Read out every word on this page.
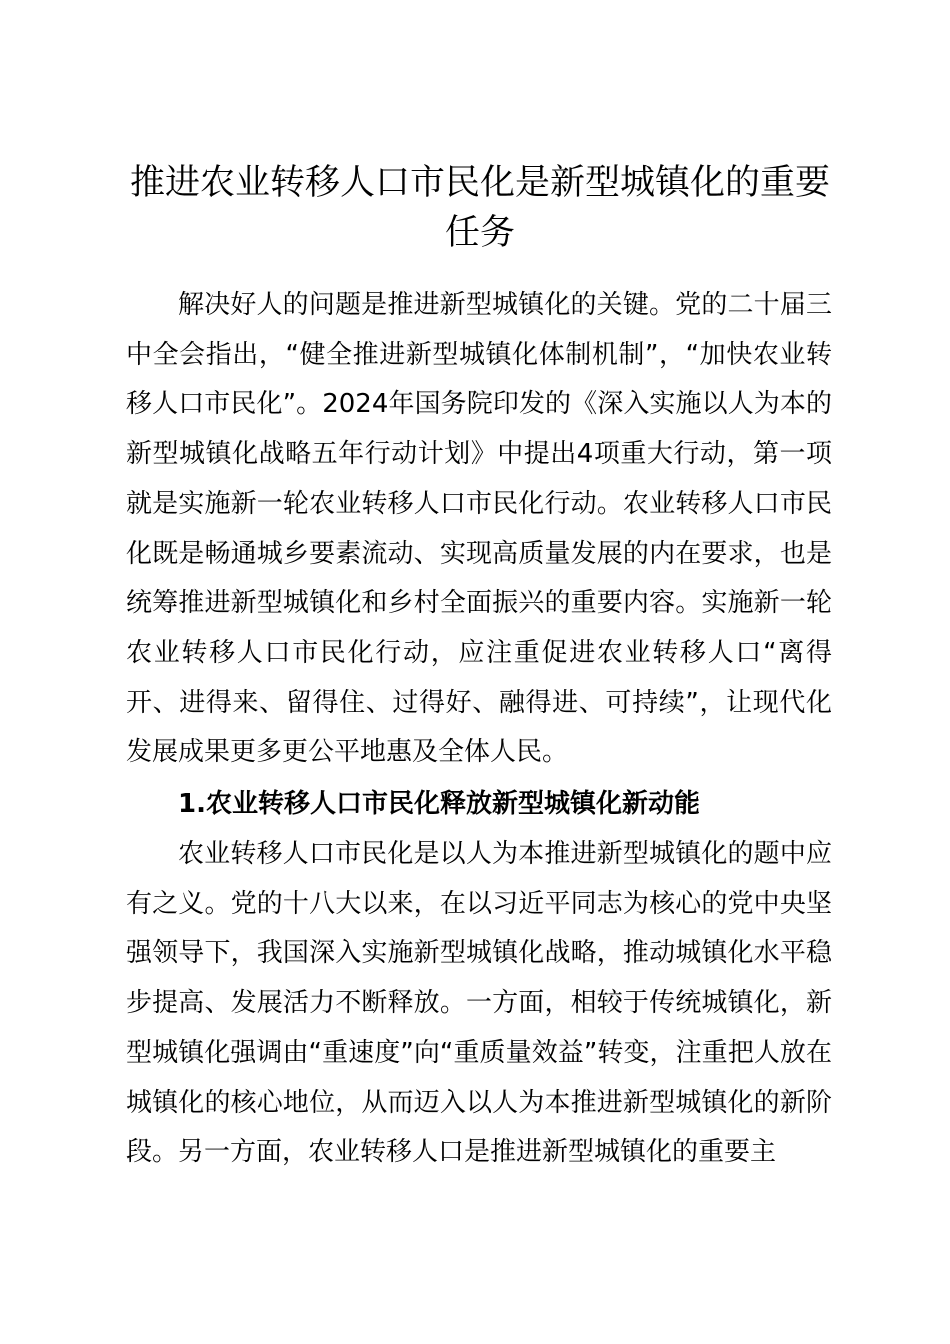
推进农业转移人口市民化是新型城镇化的重要任务

解决好人的问题是推进新型城镇化的关键。党的二十届三中全会指出，“健全推进新型城镇化体制机制”，“加快农业转移人口市民化”。2024年国务院印发的《深入实施以人为本的新型城镇化战略五年行动计划》中提出4项重大行动，第一项就是实施新一轮农业转移人口市民化行动。农业转移人口市民化既是畅通城乡要素流动、实现高质量发展的内在要求，也是统筹推进新型城镇化和乡村全面振兴的重要内容。实施新一轮农业转移人口市民化行动，应注重促进农业转移人口“离得开、进得来、留得住、过得好、融得进、可持续”，让现代化发展成果更多更公平地惠及全体人民。

1.农业转移人口市民化释放新型城镇化新动能

农业转移人口市民化是以人为本推进新型城镇化的题中应有之义。党的十八大以来，在以习近平同志为核心的党中央坚强领导下，我国深入实施新型城镇化战略，推动城镇化水平稳步提高、发展活力不断释放。一方面，相较于传统城镇化，新型城镇化强调由“重速度”向“重质量效益”转变，注重把人放在城镇化的核心地位，从而迈入以人为本推进新型城镇化的新阶段。另一方面，农业转移人口是推进新型城镇化的重要主
